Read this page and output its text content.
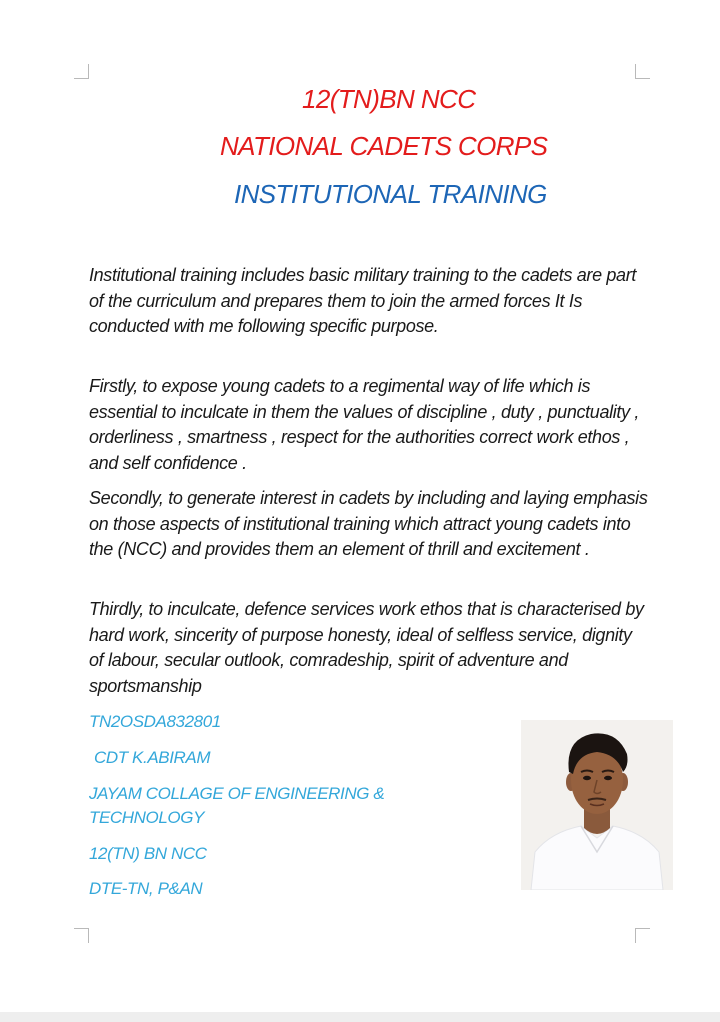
12(TN)BN NCC
NATIONAL CADETS CORPS
INSTITUTIONAL TRAINING
Institutional training includes basic military training to the cadets are part of the curriculum and prepares them to join the armed forces It Is conducted with me following specific purpose.
Firstly, to expose young cadets to a regimental way of life which is essential to inculcate in them the values of discipline , duty , punctuality , orderliness , smartness , respect for the authorities correct work ethos , and self confidence .
Secondly, to generate interest in cadets by including and laying emphasis on those aspects of institutional training which attract young cadets into the (NCC) and provides them an element of thrill and excitement .
Thirdly, to inculcate, defence services work ethos that is characterised by hard work, sincerity of purpose honesty, ideal of selfless service, dignity of labour, secular outlook, comradeship, spirit of adventure and sportsmanship
TN2OSDA832801
CDT K.ABIRAM
JAYAM COLLAGE OF ENGINEERING & TECHNOLOGY
12(TN) BN NCC
DTE-TN, P&AN
